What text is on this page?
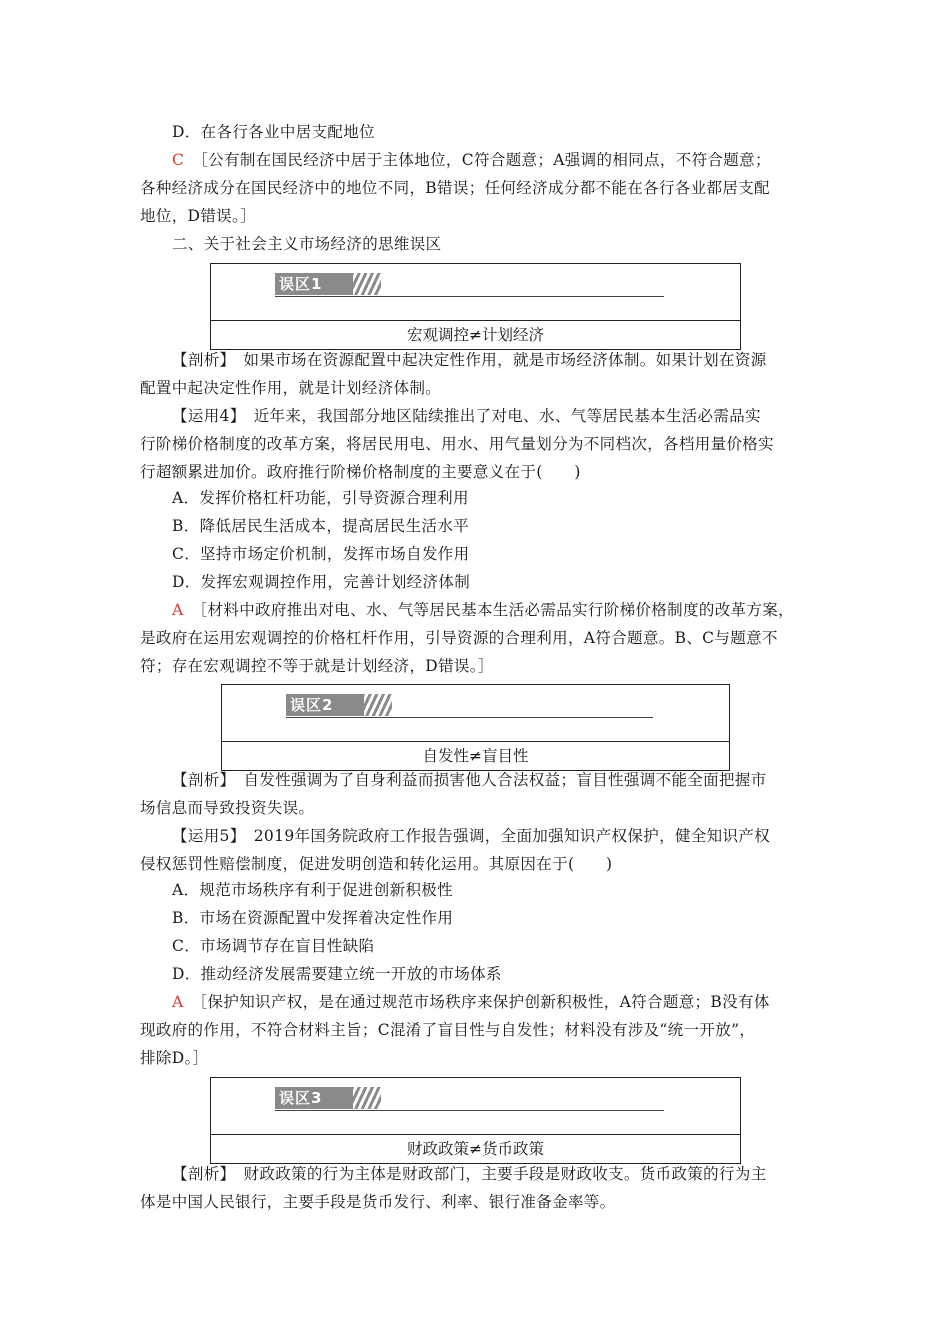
D．在各行各业中居支配地位
C　 ［公有制在国民经济中居于主体地位，C符合题意；A强调的相同点，不符合题意；
各种经济成分在国民经济中的地位不同，B错误；任何经济成分都不能在各行各业都居支配
地位，D错误。］
二、关于社会主义市场经济的思维误区
误区1
宏观调控≠计划经济
【剖析】　如果市场在资源配置中起决定性作用，就是市场经济体制。如果计划在资源
配置中起决定性作用，就是计划经济体制。
【运用4】　近年来，我国部分地区陆续推出了对电、水、气等居民基本生活必需品实
行阶梯价格制度的改革方案，将居民用电、用水、用气量划分为不同档次，各档用量价格实
行超额累进加价。政府推行阶梯价格制度的主要意义在于(　　)
A．发挥价格杠杆功能，引导资源合理利用
B．降低居民生活成本，提高居民生活水平
C．坚持市场定价机制，发挥市场自发作用
D．发挥宏观调控作用，完善计划经济体制
A　 ［材料中政府推出对电、水、气等居民基本生活必需品实行阶梯价格制度的改革方案，
是政府在运用宏观调控的价格杠杆作用，引导资源的合理利用，A符合题意。B、C与题意不
符；存在宏观调控不等于就是计划经济，D错误。］
误区2
自发性≠盲目性
【剖析】　自发性强调为了自身利益而损害他人合法权益；盲目性强调不能全面把握市
场信息而导致投资失误。
【运用5】　2019年国务院政府工作报告强调，全面加强知识产权保护，健全知识产权
侵权惩罚性赔偿制度，促进发明创造和转化运用。其原因在于(　　)
A．规范市场秩序有利于促进创新积极性
B．市场在资源配置中发挥着决定性作用
C．市场调节存在盲目性缺陷
D．推动经济发展需要建立统一开放的市场体系
A　 ［保护知识产权，是在通过规范市场秩序来保护创新积极性，A符合题意；B没有体
现政府的作用，不符合材料主旨；C混淆了盲目性与自发性；材料没有涉及“统一开放”，
排除D。］
误区3
财政政策≠货币政策
【剖析】　财政政策的行为主体是财政部门，主要手段是财政收支。货币政策的行为主
体是中国人民银行，主要手段是货币发行、利率、银行准备金率等。
